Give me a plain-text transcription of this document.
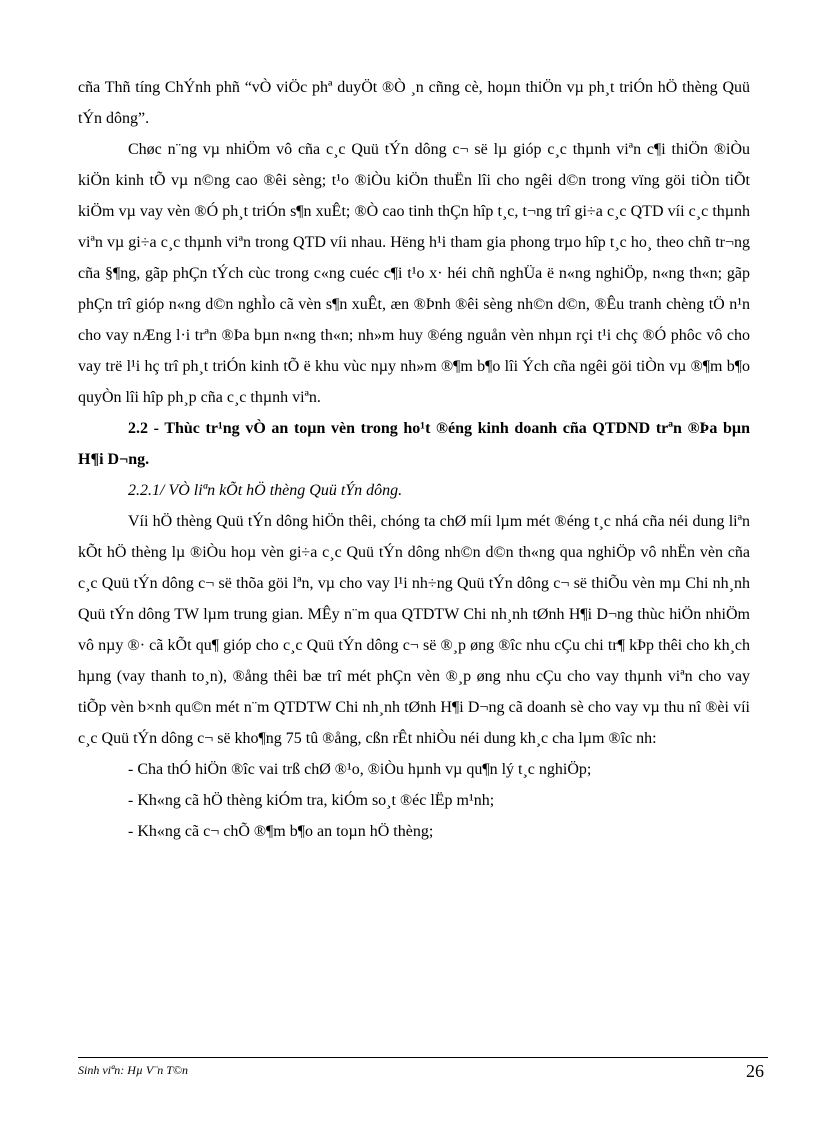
cña Thñ tíng ChÝnh phñ “vÒ viÖc phª duyÖt ®Ò ¸n cñng cè, hoµn thiÖn vµ ph¸t triÓn hÖ thèng Quü tÝn dông”.

Chøc n¨ng vµ nhiÖm vô cña c¸c Quü tÝn dông c¬ së lµ gióp c¸c thµnh viªn c¶i thiÖn ®iÒu kiÖn kinh tÕ vµ n©ng cao ®êi sèng; t¹o ®iÒu kiÖn thuËn lîi cho ngêi d©n trong vïng göi tiÒn tiÕt kiÖm vµ vay vèn ®Ó ph¸t triÓn s¶n xuÊt; ®Ò cao tinh thÇn hîp t¸c, t¬ng trî gi÷a c¸c QTD víi c¸c thµnh viªn vµ gi÷a c¸c thµnh viªn trong QTD víi nhau. Hëng h¹i tham gia phong trµo hîp t¸c ho¸ theo chñ tr¬ng cña §¶ng, gãp phÇn tÝch cùc trong c«ng cuéc c¶i t¹o x· héi chñ nghÜa ë n«ng nghiÖp, n«ng th«n; gãp phÇn trî gióp n«ng d©n nghÌo cã vèn s¶n xuÊt, æn ®Þnh ®êi sèng nh©n d©n, ®Êu tranh chèng tÖ n¹n cho vay nÆng l·i trªn ®Þa bµn n«ng th«n; nh»m huy ®éng nguån vèn nhµn rçi t¹i chç ®Ó phôc vô cho vay trë l¹i hç trî ph¸t triÓn kinh tÕ ë khu vùc nµy nh»m ®¶m b¶o lîi Ých cña ngêi göi tiÒn vµ ®¶m b¶o quyÒn lîi hîp ph¸p cña c¸c thµnh viªn.

2.2 - Thùc tr¹ng vÒ an toµn vèn trong ho¹t ®éng kinh doanh cña QTDND trªn ®Þa bµn H¶i D¬ng.

2.2.1/ VÒ liªn kÕt hÖ thèng Quü tÝn dông.

Víi hÖ thèng Quü tÝn dông hiÖn thêi, chóng ta chØ míi lµm mét ®éng t¸c nhá cña néi dung liªn kÕt hÖ thèng lµ ®iÒu hoµ vèn gi÷a c¸c Quü tÝn dông nh©n d©n th«ng qua nghiÖp vô nhËn vèn cña c¸c Quü tÝn dông c¬ së thõa göi lªn, vµ cho vay l¹i nh÷ng Quü tÝn dông c¬ së thiÕu vèn mµ Chi nh¸nh Quü tÝn dông TW lµm trung gian. MÊy n¨m qua QTDTW Chi nh¸nh tØnh H¶i D¬ng thùc hiÖn nhiÖm vô nµy ®· cã kÕt qu¶ gióp cho c¸c Quü tÝn dông c¬ së ®¸p øng ®îc nhu cÇu chi tr¶ kÞp thêi cho kh¸ch hµng (vay thanh to¸n), ®ång thêi bæ trî mét phÇn vèn ®¸p øng nhu cÇu cho vay thµnh viªn cho vay tiÕp vèn b×nh qu©n mét n¨m QTDTW Chi nh¸nh tØnh H¶i D¬ng cã doanh sè cho vay vµ thu nî ®èi víi c¸c Quü tÝn dông c¬ së kho¶ng 75 tû ®ång, cßn rÊt nhiÒu néi dung kh¸c cha lµm ®îc nh:

- Cha thÓ hiÖn ®îc vai trß chØ ®¹o, ®iÒu hµnh vµ qu¶n lý t¸c nghiÖp;

- Kh«ng cã hÖ thèng kiÓm tra, kiÓm so¸t ®éc lËp m¹nh;

- Kh«ng cã c¬ chÕ ®¶m b¶o an toµn hÖ thèng;

Sinh viªn: Hµ V¨n T©n	26
